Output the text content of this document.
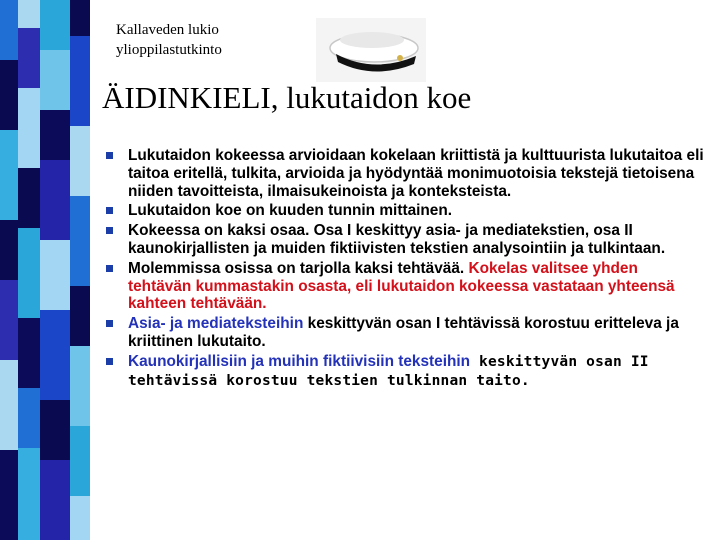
Kallaveden lukio
ylioppilastutkinto
ÄIDINKIELI, lukutaidon koe
Lukutaidon kokeessa arvioidaan kokelaan kriittistä ja kulttuurista lukutaitoa eli taitoa eritellä, tulkita, arvioida ja hyödyntää monimuotoisia tekstejä tietoisena niiden tavoitteista, ilmaisukeinoista ja konteksteista.
Lukutaidon koe on kuuden tunnin mittainen.
Kokeessa on kaksi osaa. Osa I keskittyy asia- ja mediatekstien, osa II kaunokirjallisten ja muiden fiktiivisten tekstien analysointiin ja tulkintaan.
Molemmissa osissa on tarjolla kaksi tehtävää. Kokelas valitsee yhden tehtävän kummastakin osasta, eli lukutaidon kokeessa vastataan yhteensä kahteen tehtävään.
Asia- ja mediateksteihin keskittyvän osan I tehtävissä korostuu eritteleva ja kriittinen lukutaito.
Kaunokirjallisiin ja muihin fiktiivisiin teksteihin keskittyvän osan II tehtävissä korostuu tekstien tulkinnan taito.
